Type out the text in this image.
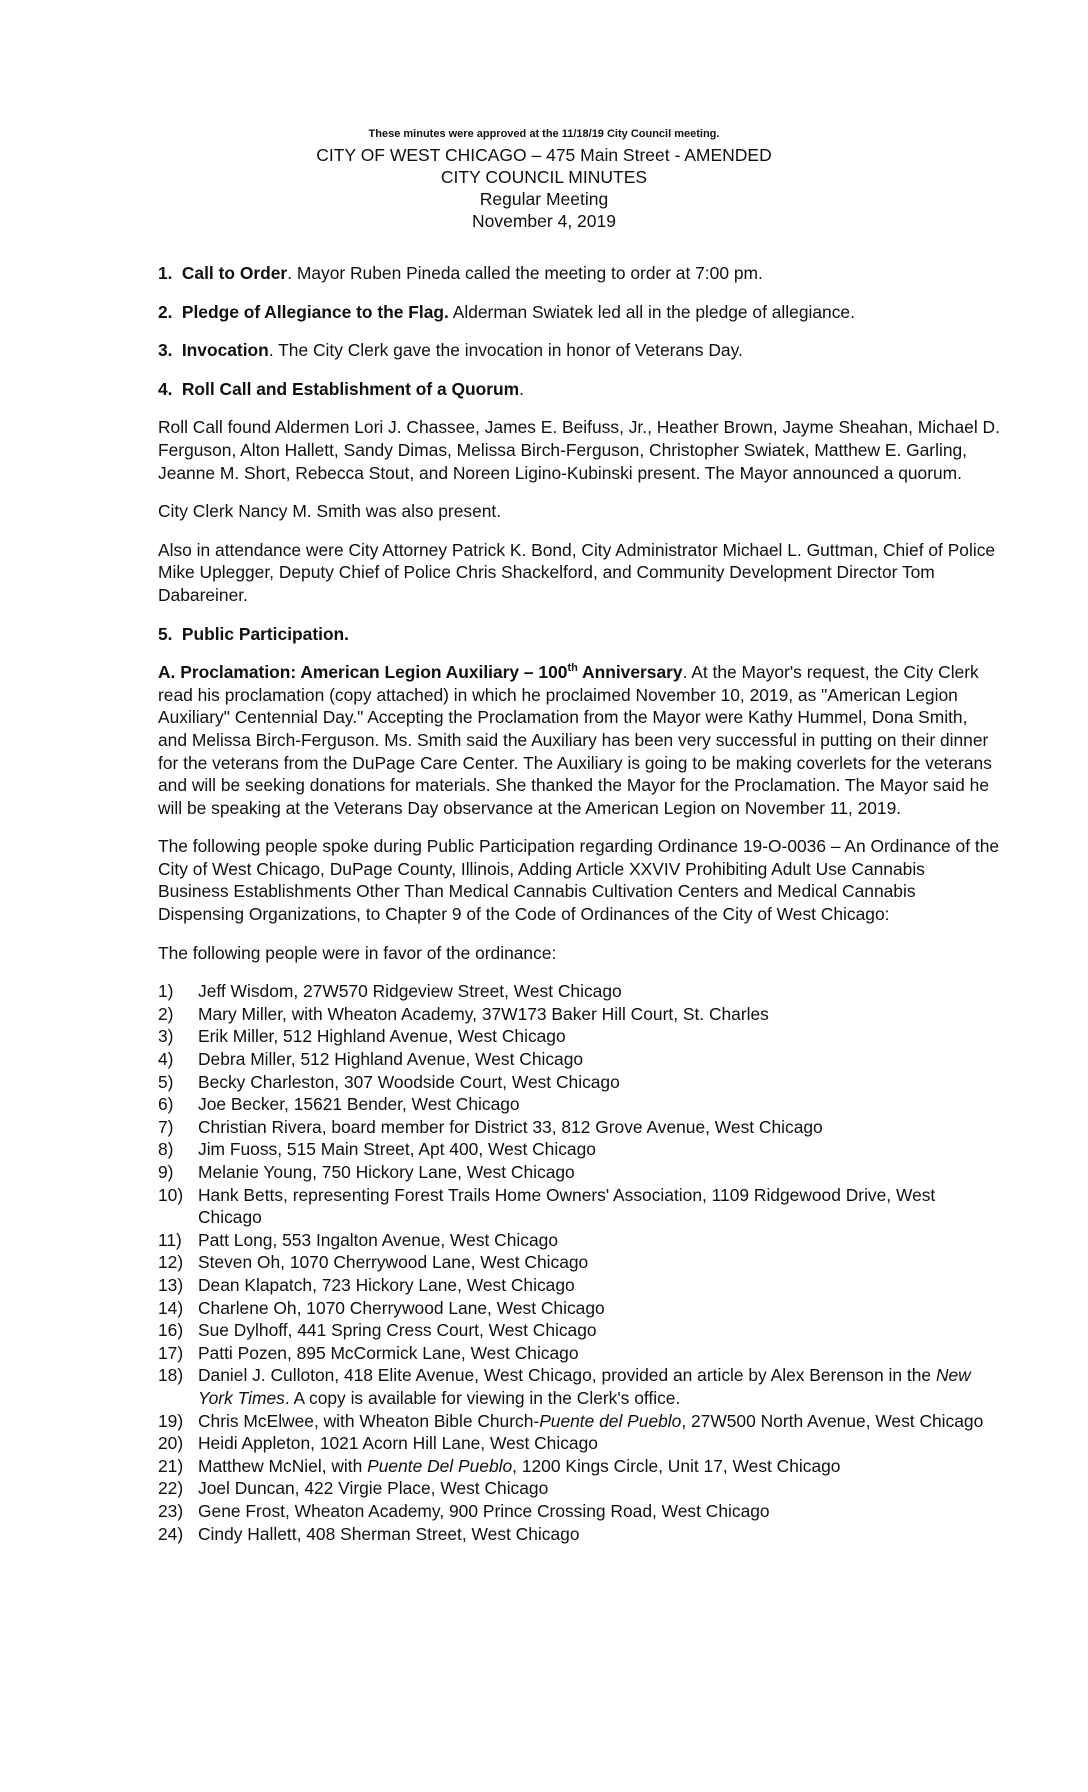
These minutes were approved at the 11/18/19 City Council meeting.
CITY OF WEST CHICAGO – 475 Main Street - AMENDED
CITY COUNCIL MINUTES
Regular Meeting
November 4, 2019
1. Call to Order. Mayor Ruben Pineda called the meeting to order at 7:00 pm.
2. Pledge of Allegiance to the Flag. Alderman Swiatek led all in the pledge of allegiance.
3. Invocation. The City Clerk gave the invocation in honor of Veterans Day.
4. Roll Call and Establishment of a Quorum.
Roll Call found Aldermen Lori J. Chassee, James E. Beifuss, Jr., Heather Brown, Jayme Sheahan, Michael D. Ferguson, Alton Hallett, Sandy Dimas, Melissa Birch-Ferguson, Christopher Swiatek, Matthew E. Garling, Jeanne M. Short, Rebecca Stout, and Noreen Ligino-Kubinski present. The Mayor announced a quorum.
City Clerk Nancy M. Smith was also present.
Also in attendance were City Attorney Patrick K. Bond, City Administrator Michael L. Guttman, Chief of Police Mike Uplegger, Deputy Chief of Police Chris Shackelford, and Community Development Director Tom Dabareiner.
5. Public Participation.
A. Proclamation: American Legion Auxiliary – 100th Anniversary. At the Mayor's request, the City Clerk read his proclamation (copy attached) in which he proclaimed November 10, 2019, as "American Legion Auxiliary" Centennial Day." Accepting the Proclamation from the Mayor were Kathy Hummel, Dona Smith, and Melissa Birch-Ferguson. Ms. Smith said the Auxiliary has been very successful in putting on their dinner for the veterans from the DuPage Care Center. The Auxiliary is going to be making coverlets for the veterans and will be seeking donations for materials. She thanked the Mayor for the Proclamation. The Mayor said he will be speaking at the Veterans Day observance at the American Legion on November 11, 2019.
The following people spoke during Public Participation regarding Ordinance 19-O-0036 – An Ordinance of the City of West Chicago, DuPage County, Illinois, Adding Article XXVIV Prohibiting Adult Use Cannabis Business Establishments Other Than Medical Cannabis Cultivation Centers and Medical Cannabis Dispensing Organizations, to Chapter 9 of the Code of Ordinances of the City of West Chicago:
The following people were in favor of the ordinance:
1) Jeff Wisdom, 27W570 Ridgeview Street, West Chicago
2) Mary Miller, with Wheaton Academy, 37W173 Baker Hill Court, St. Charles
3) Erik Miller, 512 Highland Avenue, West Chicago
4) Debra Miller, 512 Highland Avenue, West Chicago
5) Becky Charleston, 307 Woodside Court, West Chicago
6) Joe Becker, 15621 Bender, West Chicago
7) Christian Rivera, board member for District 33, 812 Grove Avenue, West Chicago
8) Jim Fuoss, 515 Main Street, Apt 400, West Chicago
9) Melanie Young, 750 Hickory Lane, West Chicago
10) Hank Betts, representing Forest Trails Home Owners' Association, 1109 Ridgewood Drive, West Chicago
11) Patt Long, 553 Ingalton Avenue, West Chicago
12) Steven Oh, 1070 Cherrywood Lane, West Chicago
13) Dean Klapatch, 723 Hickory Lane, West Chicago
14) Charlene Oh, 1070 Cherrywood Lane, West Chicago
16) Sue Dylhoff, 441 Spring Cress Court, West Chicago
17) Patti Pozen, 895 McCormick Lane, West Chicago
18) Daniel J. Culloton, 418 Elite Avenue, West Chicago, provided an article by Alex Berenson in the New York Times. A copy is available for viewing in the Clerk's office.
19) Chris McElwee, with Wheaton Bible Church-Puente del Pueblo, 27W500 North Avenue, West Chicago
20) Heidi Appleton, 1021 Acorn Hill Lane, West Chicago
21) Matthew McNiel, with Puente Del Pueblo, 1200 Kings Circle, Unit 17, West Chicago
22) Joel Duncan, 422 Virgie Place, West Chicago
23) Gene Frost, Wheaton Academy, 900 Prince Crossing Road, West Chicago
24) Cindy Hallett, 408 Sherman Street, West Chicago
